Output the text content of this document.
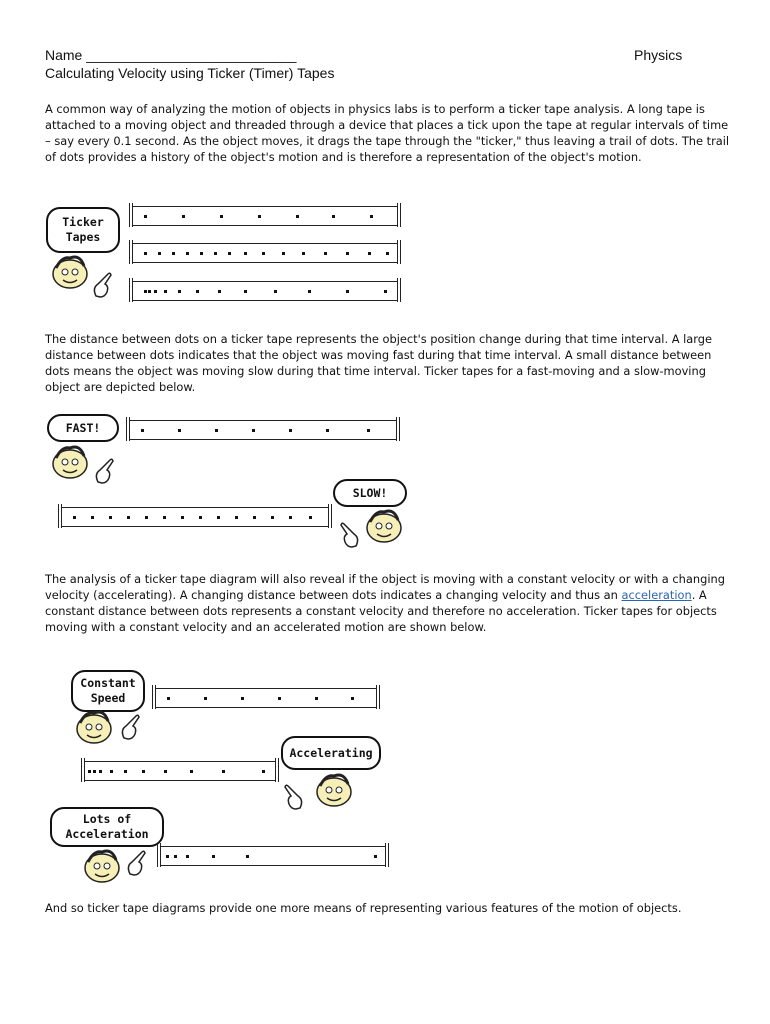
Name ___________________________	Physics
Calculating Velocity using Ticker (Timer) Tapes

A common way of analyzing the motion of objects in physics labs is to perform a ticker tape analysis. A long tape is attached to a moving object and threaded through a device that places a tick upon the tape at regular intervals of time – say every 0.1 second. As the object moves, it drags the tape through the "ticker," thus leaving a trail of dots. The trail of dots provides a history of the object's motion and is therefore a representation of the object's motion.

Ticker
Tapes

The distance between dots on a ticker tape represents the object's position change during that time interval. A large distance between dots indicates that the object was moving fast during that time interval. A small distance between dots means the object was moving slow during that time interval. Ticker tapes for a fast-moving and a slow-moving object are depicted below.

FAST!
SLOW!

The analysis of a ticker tape diagram will also reveal if the object is moving with a constant velocity or with a changing velocity (accelerating). A changing distance between dots indicates a changing velocity and thus an acceleration. A constant distance between dots represents a constant velocity and therefore no acceleration. Ticker tapes for objects moving with a constant velocity and an accelerated motion are shown below.

Constant
Speed
Accelerating
Lots of
Acceleration

And so ticker tape diagrams provide one more means of representing various features of the motion of objects.
